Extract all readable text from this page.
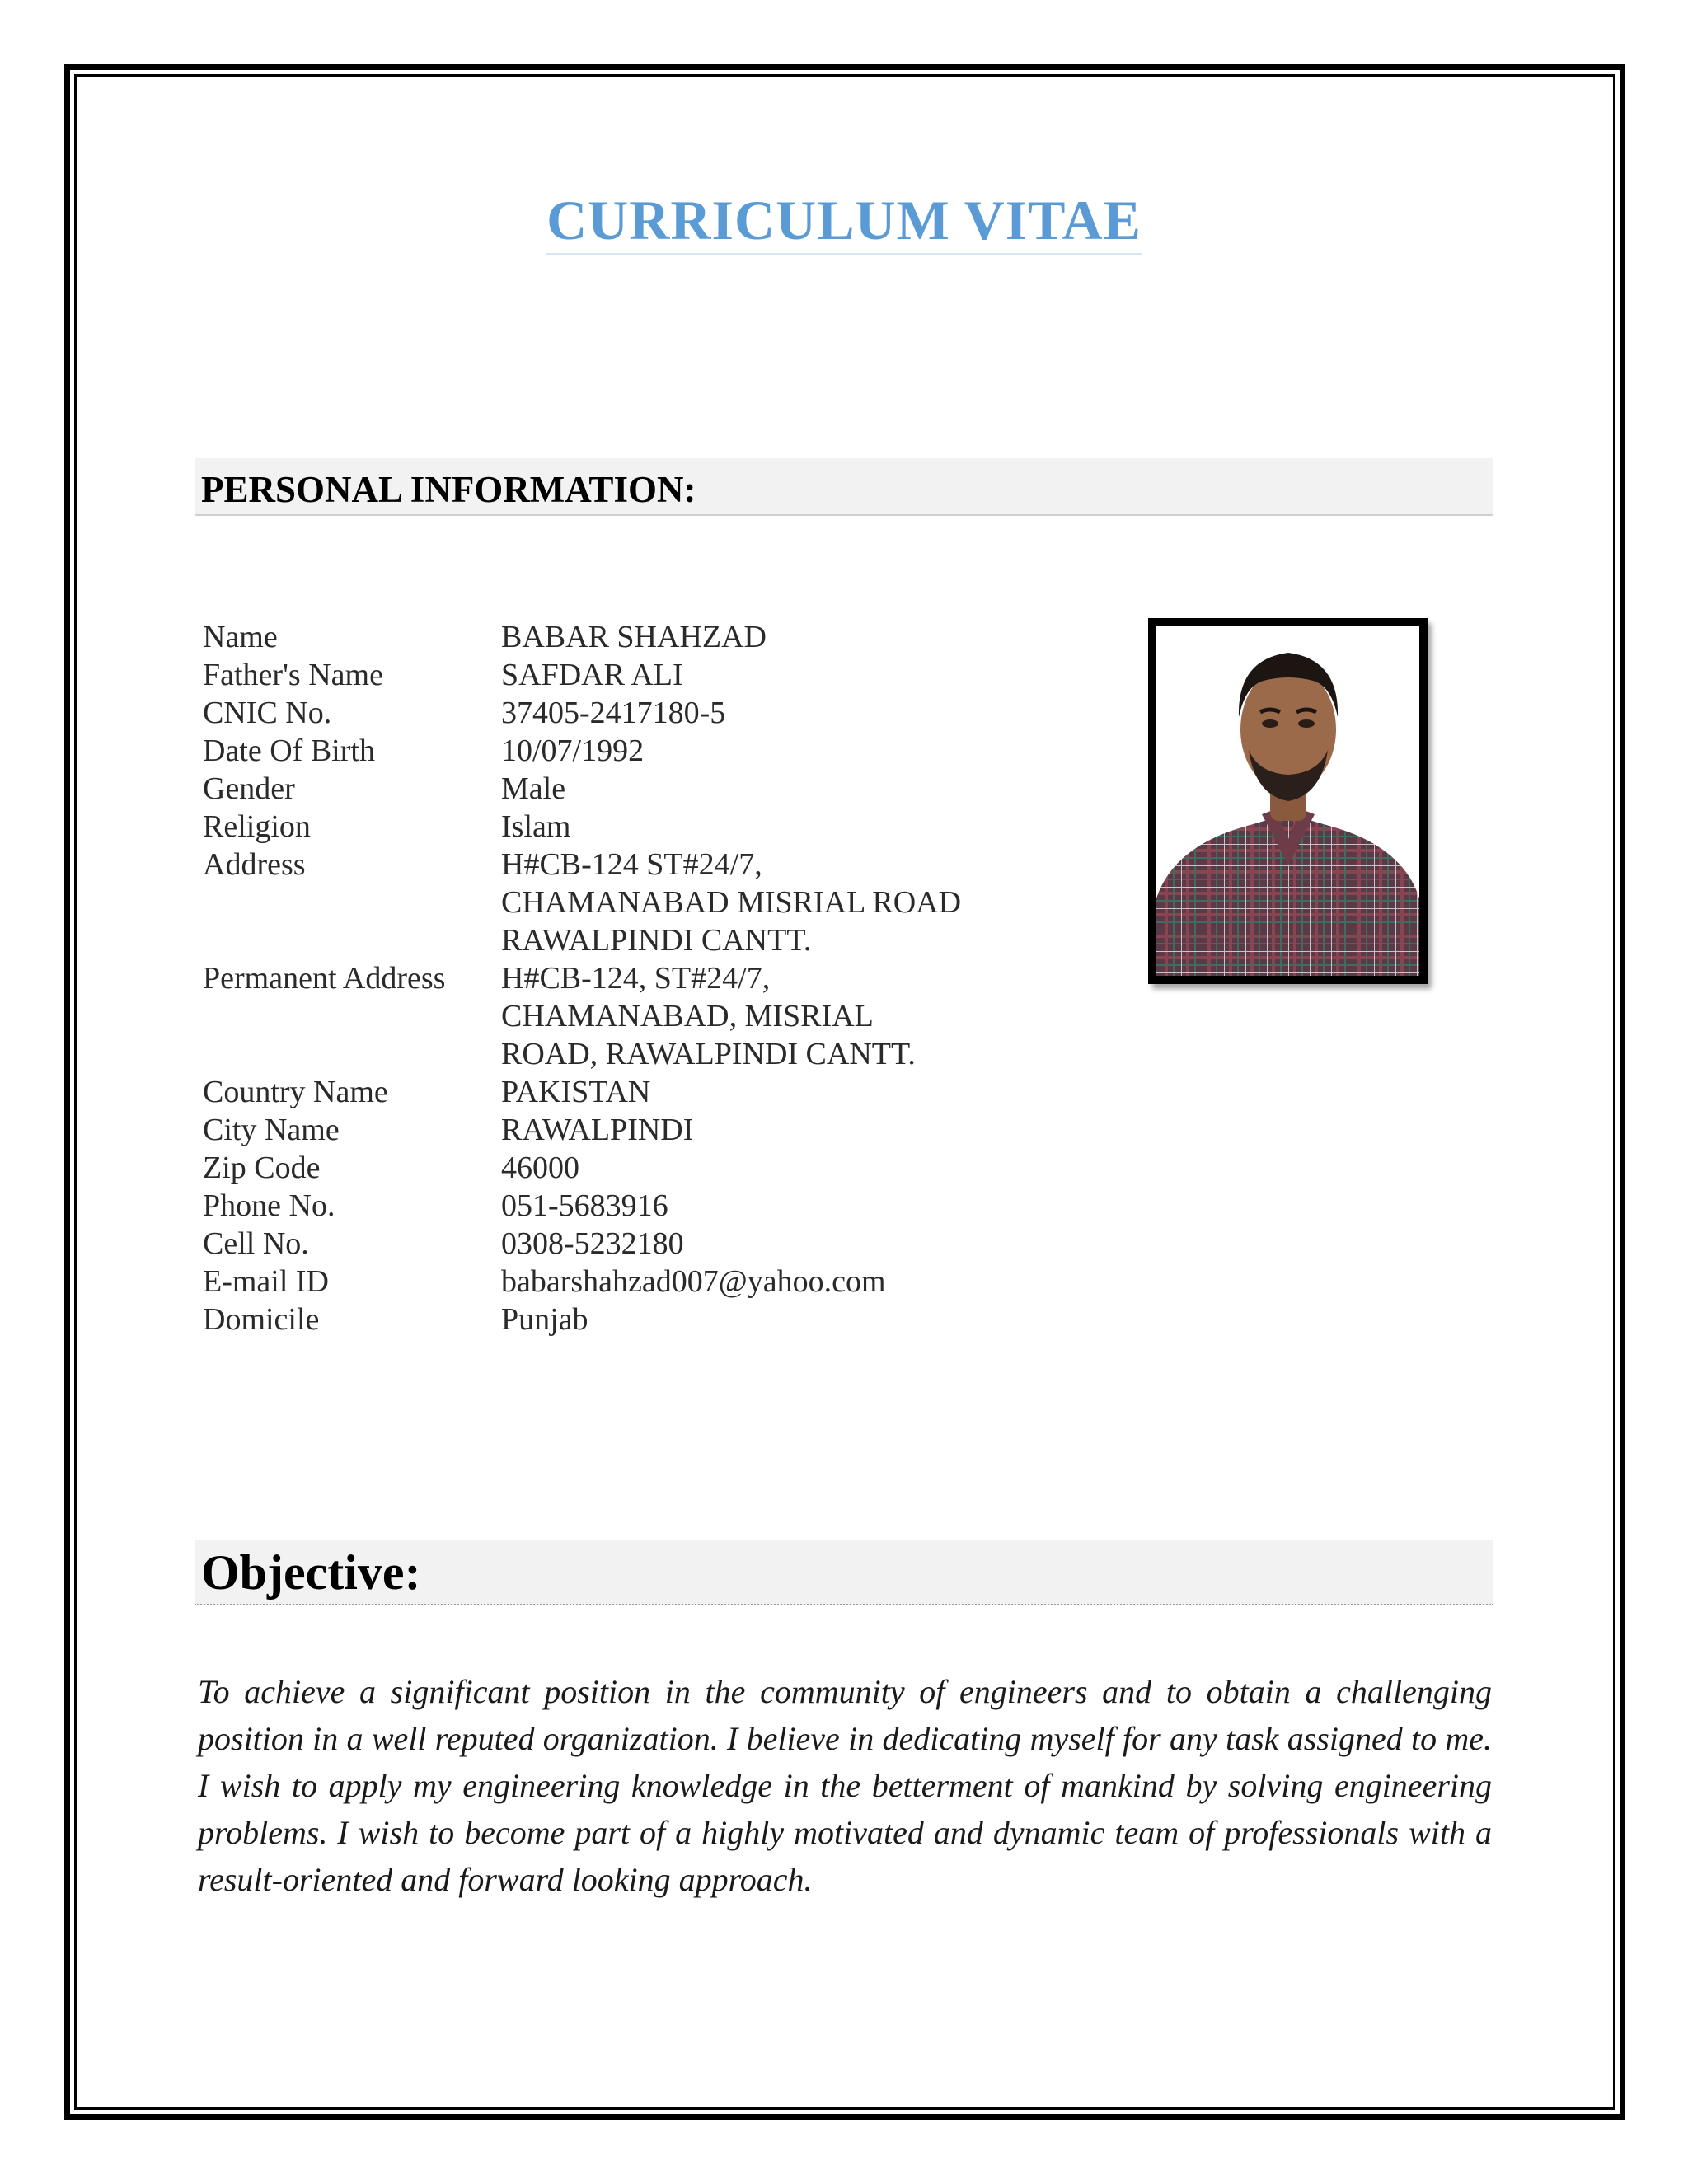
CURRICULUM VITAE
PERSONAL INFORMATION:
Name	BABAR SHAHZAD
Father's Name	SAFDAR ALI
CNIC No.	37405-2417180-5
Date Of Birth	10/07/1992
Gender	Male
Religion	Islam
Address	H#CB-124 ST#24/7, CHAMANABAD MISRIAL ROAD RAWALPINDI CANTT.
Permanent Address	H#CB-124, ST#24/7, CHAMANABAD, MISRIAL ROAD, RAWALPINDI CANTT.
Country Name	PAKISTAN
City Name	RAWALPINDI
Zip Code	46000
Phone No.	051-5683916
Cell No.	0308-5232180
E-mail ID	babarshahzad007@yahoo.com
Domicile	Punjab
Objective:
To achieve a significant position in the community of engineers and to obtain a challenging position in a well reputed organization. I believe in dedicating myself for any task assigned to me. I wish to apply my engineering knowledge in the betterment of mankind by solving engineering problems. I wish to become part of a highly motivated and dynamic team of professionals with a result-oriented and forward looking approach.
